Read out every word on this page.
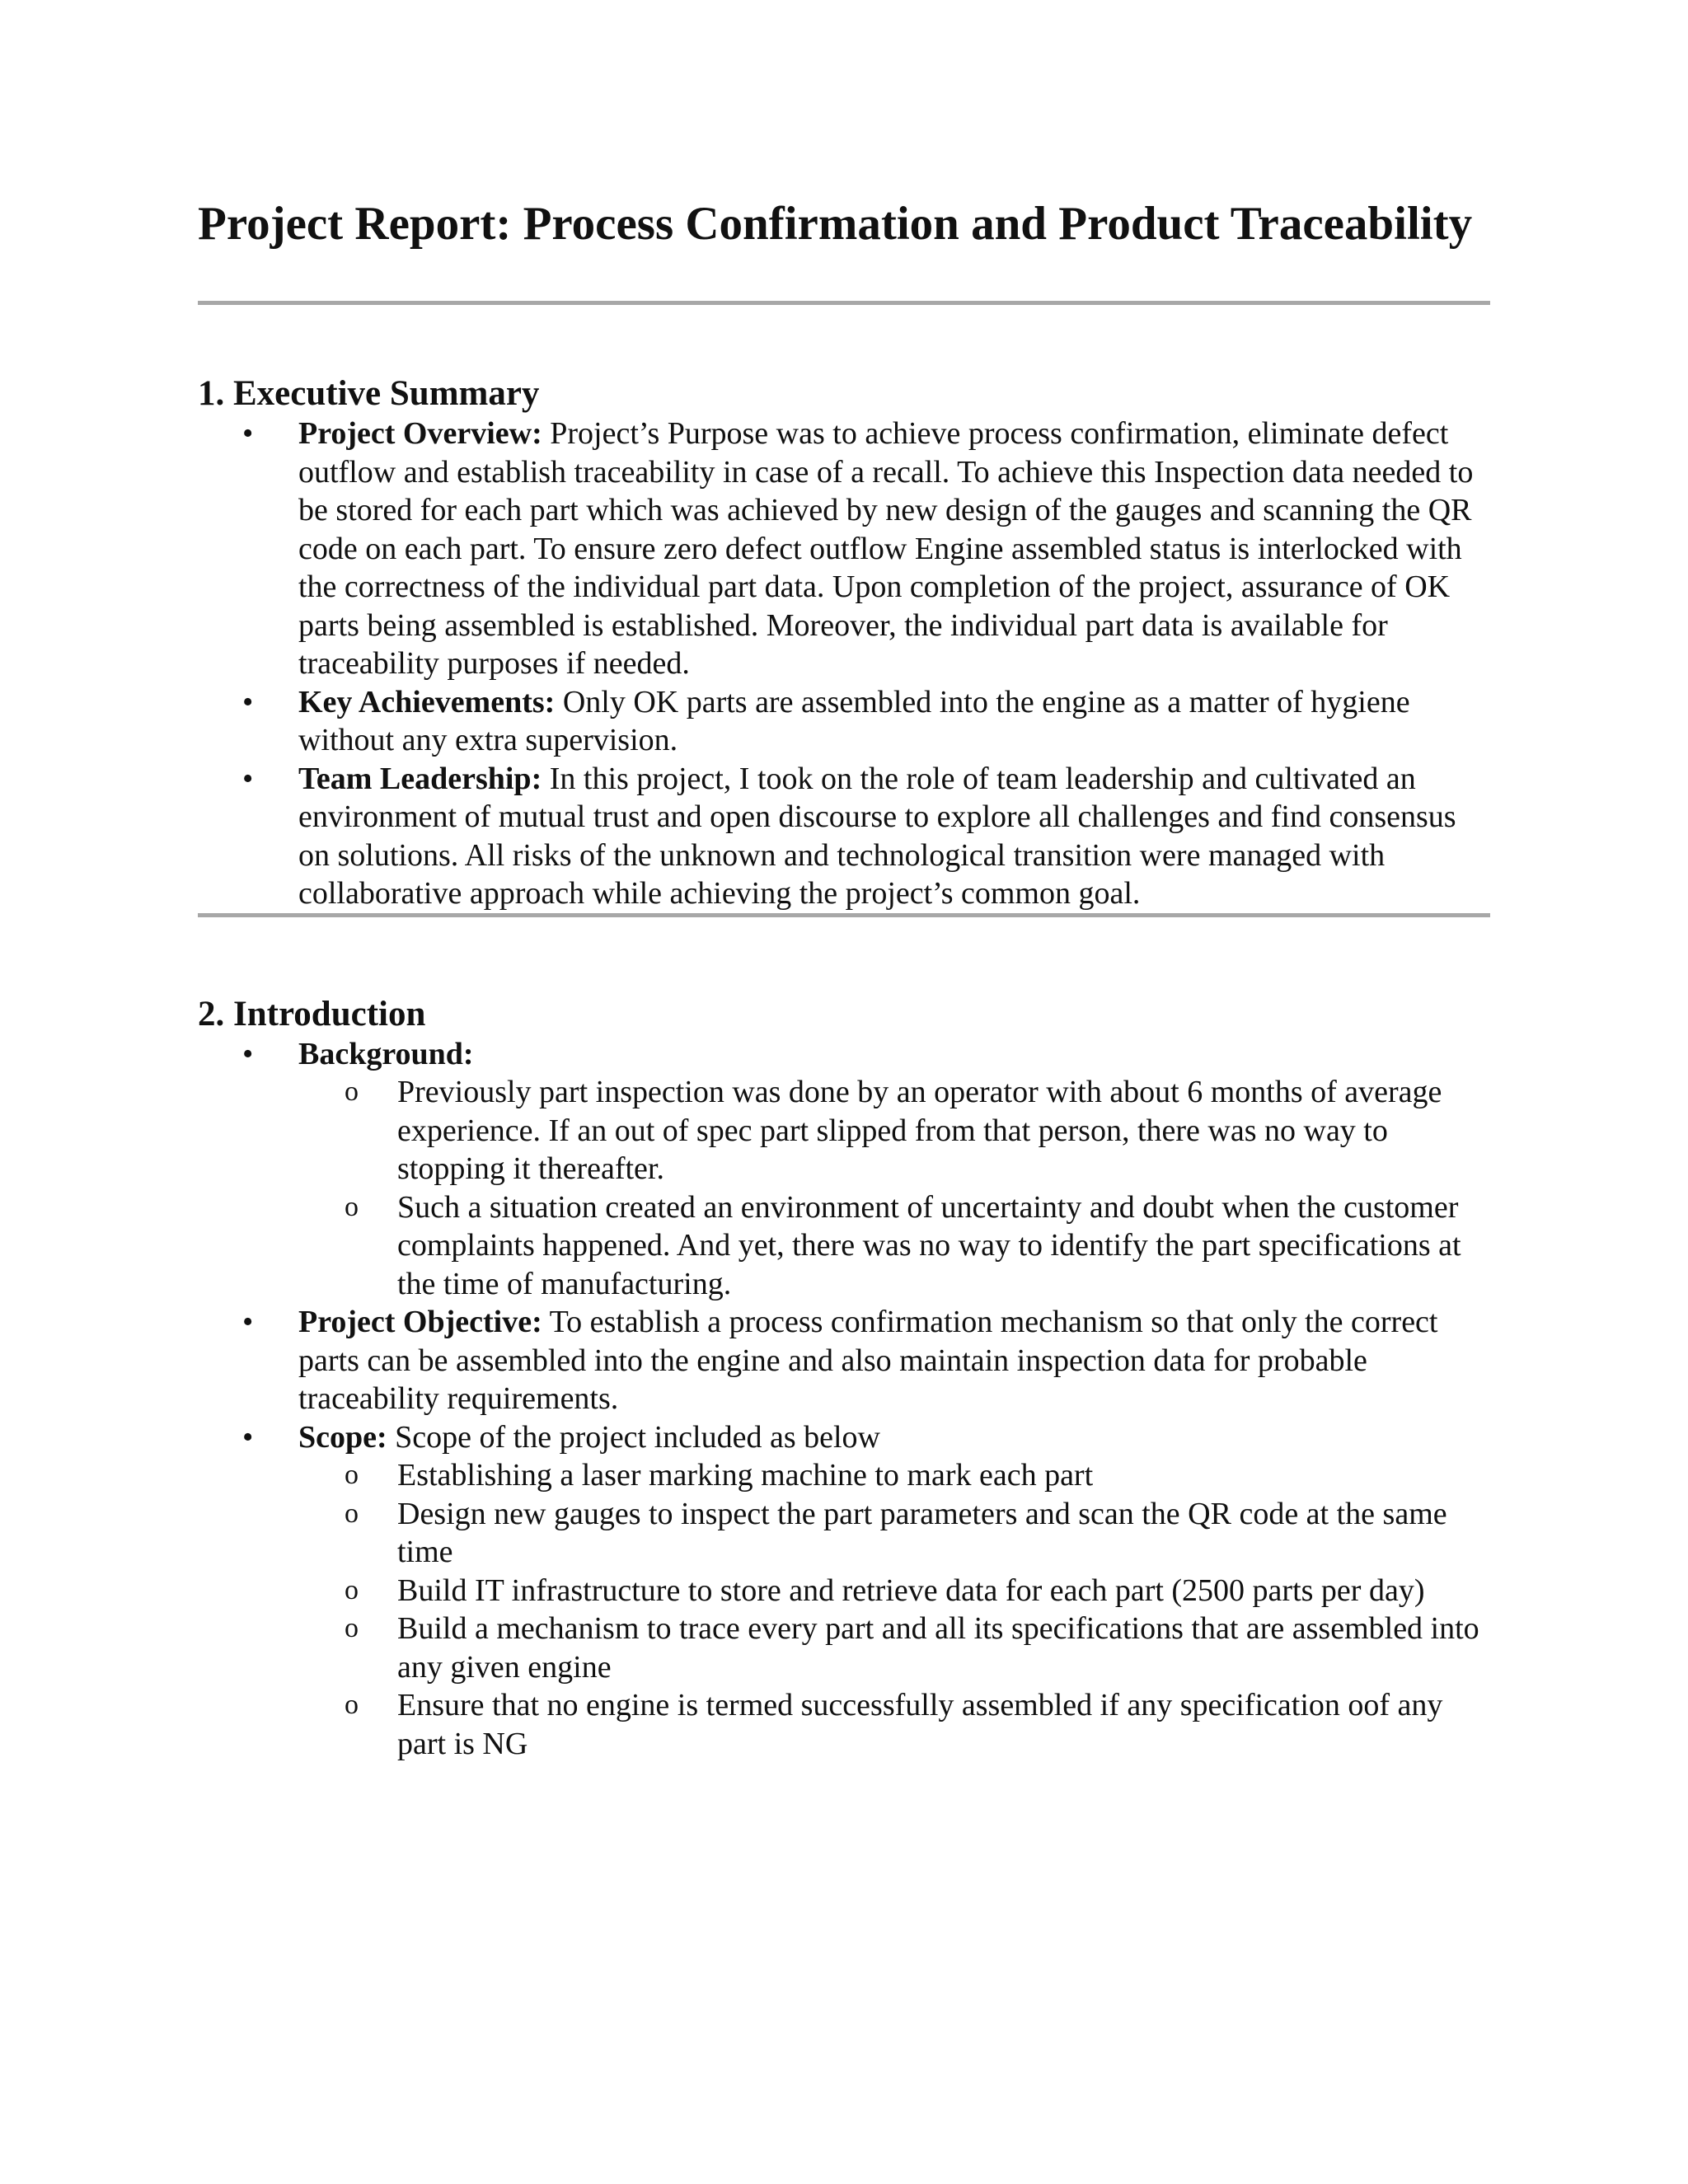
Project Report: Process Confirmation and Product Traceability
1. Executive Summary
• Project Overview: Project’s Purpose was to achieve process confirmation, eliminate defect outflow and establish traceability in case of a recall. To achieve this Inspection data needed to be stored for each part which was achieved by new design of the gauges and scanning the QR code on each part. To ensure zero defect outflow Engine assembled status is interlocked with the correctness of the individual part data. Upon completion of the project, assurance of OK parts being assembled is established. Moreover, the individual part data is available for traceability purposes if needed.
• Key Achievements: Only OK parts are assembled into the engine as a matter of hygiene without any extra supervision.
• Team Leadership: In this project, I took on the role of team leadership and cultivated an environment of mutual trust and open discourse to explore all challenges and find consensus on solutions. All risks of the unknown and technological transition were managed with collaborative approach while achieving the project’s common goal.
2. Introduction
• Background:
o Previously part inspection was done by an operator with about 6 months of average experience. If an out of spec part slipped from that person, there was no way to stopping it thereafter.
o Such a situation created an environment of uncertainty and doubt when the customer complaints happened. And yet, there was no way to identify the part specifications at the time of manufacturing.
• Project Objective: To establish a process confirmation mechanism so that only the correct parts can be assembled into the engine and also maintain inspection data for probable traceability requirements.
• Scope: Scope of the project included as below
o Establishing a laser marking machine to mark each part
o Design new gauges to inspect the part parameters and scan the QR code at the same time
o Build IT infrastructure to store and retrieve data for each part (2500 parts per day)
o Build a mechanism to trace every part and all its specifications that are assembled into any given engine
o Ensure that no engine is termed successfully assembled if any specification oof any part is NG
